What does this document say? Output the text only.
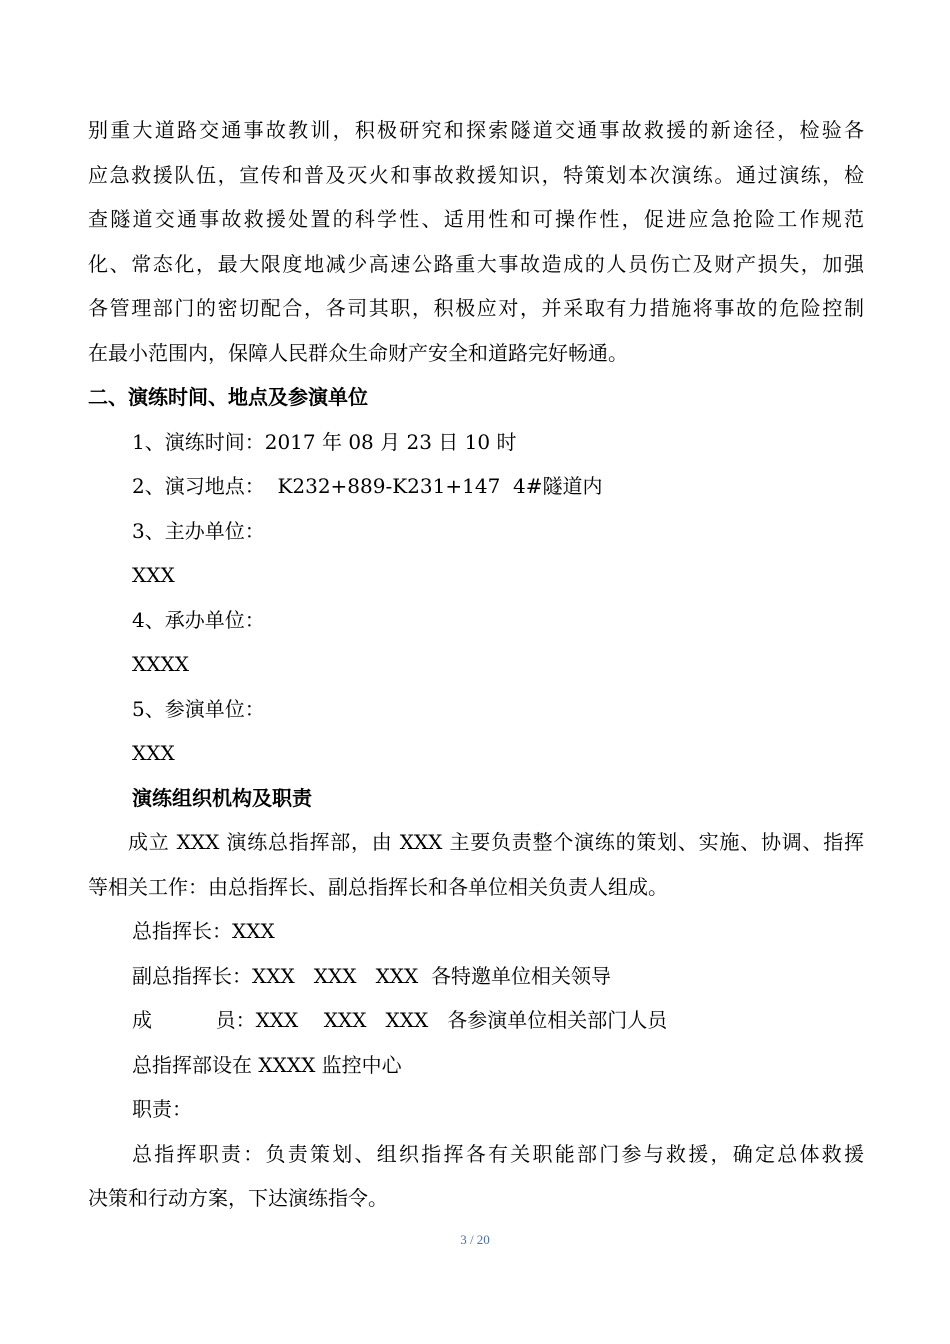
别重大道路交通事故教训，积极研究和探索隧道交通事故救援的新途径，检验各
应急救援队伍，宣传和普及灭火和事故救援知识，特策划本次演练。通过演练，检
查隧道交通事故救援处置的科学性、适用性和可操作性，促进应急抢险工作规范
化、常态化，最大限度地减少高速公路重大事故造成的人员伤亡及财产损失，加强
各管理部门的密切配合，各司其职，积极应对，并采取有力措施将事故的危险控制
在最小范围内，保障人民群众生命财产安全和道路完好畅通。
二、演练时间、地点及参演单位
1、演练时间：2017 年 08 月 23 日 10 时
2、演习地点：  K232+889-K231+147  4#隧道内
3、主办单位：
XXX
4、承办单位：
XXXX
5、参演单位：
XXX
演练组织机构及职责
成立 XXX 演练总指挥部，由 XXX 主要负责整个演练的策划、实施、协调、指挥
等相关工作：由总指挥长、副总指挥长和各单位相关负责人组成。
总指挥长：XXX
副总指挥长：XXX   XXX   XXX  各特邀单位相关领导
成          员：XXX    XXX   XXX   各参演单位相关部门人员
总指挥部设在 XXXX 监控中心
职责：
总指挥职责：负责策划、组织指挥各有关职能部门参与救援，确定总体救援
决策和行动方案，下达演练指令。
3 / 20
